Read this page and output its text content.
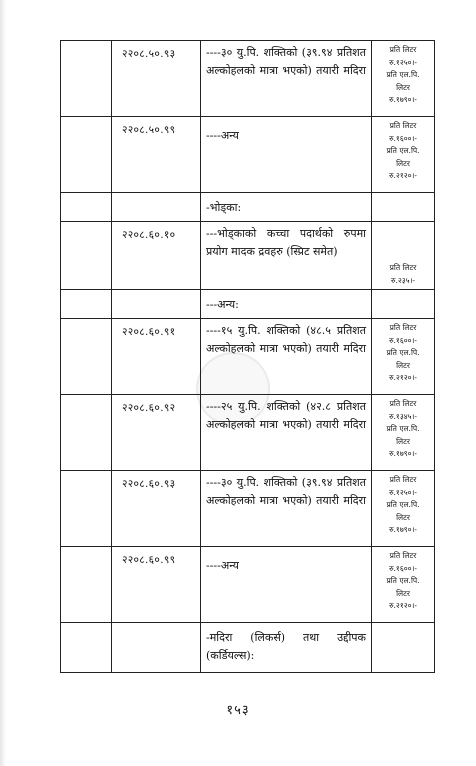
	२२०८.५०.९३	----३० यु.पि. शक्तिको (३९.९४ प्रतिशत अल्कोहलको मात्रा भएको) तयारी मदिरा	प्रति लिटर
रु.१२५०।-
प्रति एल.पि.
लिटर
रु.१७९०।-

	२२०८.५०.९९	----अन्य	प्रति लिटर
रु.१६००।-
प्रति एल.पि.
लिटर
रु.२१२०।-

		-भोड्का:	

	२२०८.६०.१०	---भोड्काको कच्चा पदार्थको रुपमा प्रयोग मादक द्रवहरु (स्प्रिट समेत)	प्रति लिटर
रु.२३५।-

		---अन्य:	

	२२०८.६०.९१	----१५ यु.पि. शक्तिको (४८.५ प्रतिशत अल्कोहलको मात्रा भएको) तयारी मदिरा	प्रति लिटर
रु.१६००।-
प्रति एल.पि.
लिटर
रु.२१२०।-

	२२०८.६०.९२	----२५ यु.पि. शक्तिको (४२.८ प्रतिशत अल्कोहलको मात्रा भएको) तयारी मदिरा	प्रति लिटर
रु.१३४५।-
प्रति एल.पि.
लिटर
रु.१७९०।-

	२२०८.६०.९३	----३० यु.पि. शक्तिको (३९.९४ प्रतिशत अल्कोहलको मात्रा भएको) तयारी मदिरा	प्रति लिटर
रु.१२५०।-
प्रति एल.पि.
लिटर
रु.१७९०।-

	२२०८.६०.९९	----अन्य	प्रति लिटर
रु.१६००।-
प्रति एल.पि.
लिटर
रु.२१२०।-

		-मदिरा (लिकर्स) तथा उद्दीपक (कर्डियल्स):	

१५३
